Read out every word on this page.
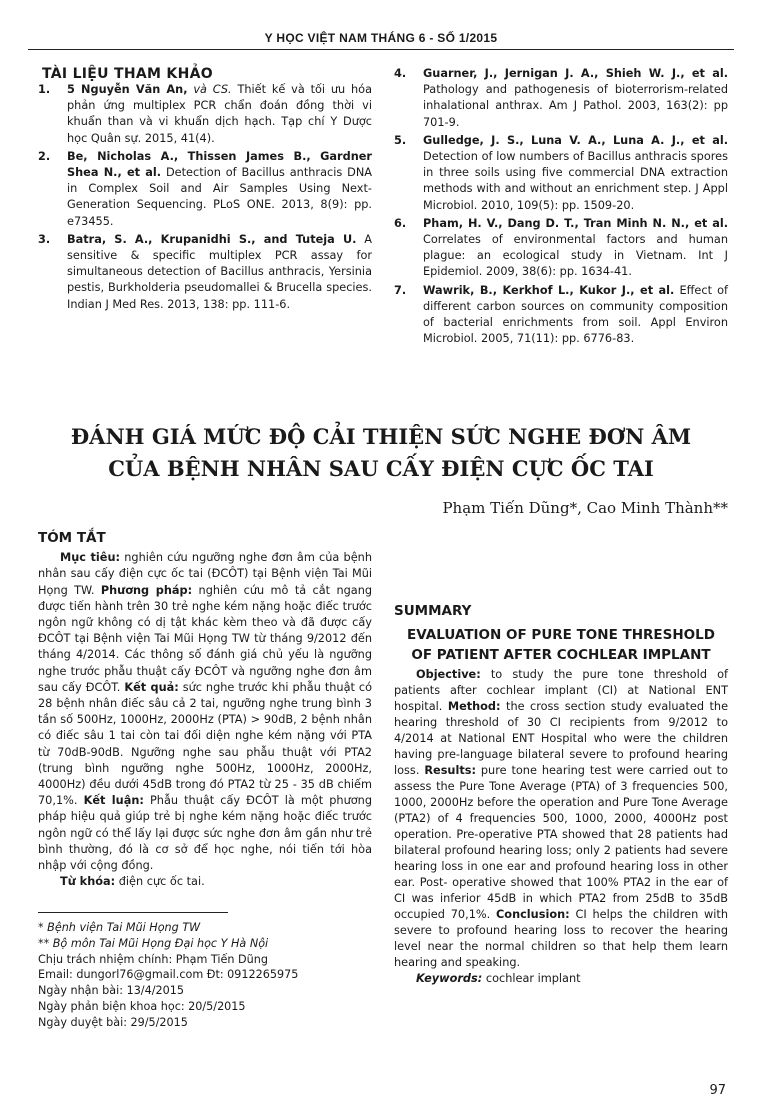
Y HỌC VIỆT NAM THÁNG 6 - SỐ 1/2015
TÀI LIỆU THAM KHẢO
1. 5 Nguyễn Văn An, và CS. Thiết kế và tối ưu hóa phản ứng multiplex PCR chẩn đoán đồng thời vi khuẩn than và vi khuẩn dịch hạch. Tạp chí Y Dược học Quân sự. 2015, 41(4).
2. Be, Nicholas A., Thissen James B., Gardner Shea N., et al. Detection of Bacillus anthracis DNA in Complex Soil and Air Samples Using Next-Generation Sequencing. PLoS ONE. 2013, 8(9): pp. e73455.
3. Batra, S. A., Krupanidhi S., and Tuteja U. A sensitive & specific multiplex PCR assay for simultaneous detection of Bacillus anthracis, Yersinia pestis, Burkholderia pseudomallei & Brucella species. Indian J Med Res. 2013, 138: pp. 111-6.
4. Guarner, J., Jernigan J. A., Shieh W. J., et al. Pathology and pathogenesis of bioterrorism-related inhalational anthrax. Am J Pathol. 2003, 163(2): pp 701-9.
5. Gulledge, J. S., Luna V. A., Luna A. J., et al. Detection of low numbers of Bacillus anthracis spores in three soils using five commercial DNA extraction methods with and without an enrichment step. J Appl Microbiol. 2010, 109(5): pp. 1509-20.
6. Pham, H. V., Dang D. T., Tran Minh N. N., et al. Correlates of environmental factors and human plague: an ecological study in Vietnam. Int J Epidemiol. 2009, 38(6): pp. 1634-41.
7. Wawrik, B., Kerkhof L., Kukor J., et al. Effect of different carbon sources on community composition of bacterial enrichments from soil. Appl Environ Microbiol. 2005, 71(11): pp. 6776-83.
ĐÁNH GIÁ MỨC ĐỘ CẢI THIỆN SỨC NGHE ĐƠN ÂM
CỦA BỆNH NHÂN SAU CẤY ĐIỆN CỰC ỐC TAI
Phạm Tiến Dũng*, Cao Minh Thành**
TÓM TẮT

Mục tiêu: nghiên cứu ngưỡng nghe đơn âm của bệnh nhân sau cấy điện cực ốc tai (ĐCÔT) tại Bệnh viện Tai Mũi Họng TW. Phương pháp: nghiên cứu mô tả cắt ngang được tiến hành trên 30 trẻ nghe kém nặng hoặc điếc trước ngôn ngữ không có dị tật khác kèm theo và đã được cấy ĐCÔT tại Bệnh viện Tai Mũi Họng TW từ tháng 9/2012 đến tháng 4/2014. Các thông số đánh giá chủ yếu là ngưỡng nghe trước phẫu thuật cấy ĐCÔT và ngưỡng nghe đơn âm sau cấy ĐCÔT. Kết quả: sức nghe trước khi phẫu thuật có 28 bệnh nhân điếc sâu cả 2 tai, ngưỡng nghe trung bình 3 tần số 500Hz, 1000Hz, 2000Hz (PTA) > 90dB, 2 bệnh nhân có điếc sâu 1 tai còn tai đối diện nghe kém nặng với PTA từ 70dB-90dB. Ngưỡng nghe sau phẫu thuật với PTA2 (trung bình ngưỡng nghe 500Hz, 1000Hz, 2000Hz, 4000Hz) đều dưới 45dB trong đó PTA2 từ 25 - 35 dB chiếm 70,1%. Kết luận: Phẫu thuật cấy ĐCÔT là một phương pháp hiệu quả giúp trẻ bị nghe kém nặng hoặc điếc trước ngôn ngữ có thể lấy lại được sức nghe đơn âm gần như trẻ bình thường, đó là cơ sở để học nghe, nói tiến tới hòa nhập với cộng đồng.

Từ khóa: điện cực ốc tai.

SUMMARY
EVALUATION OF PURE TONE THRESHOLD
OF PATIENT AFTER COCHLEAR IMPLANT

Objective: to study the pure tone threshold of patients after cochlear implant (CI) at National ENT hospital. Method: the cross section study evaluated the hearing threshold of 30 CI recipients from 9/2012 to 4/2014 at National ENT Hospital who were the children having pre-language bilateral severe to profound hearing loss. Results: pure tone hearing test were carried out to assess the Pure Tone Average (PTA) of 3 frequencies 500, 1000, 2000Hz before the operation and Pure Tone Average (PTA2) of 4 frequencies 500, 1000, 2000, 4000Hz post operation. Pre-operative PTA showed that 28 patients had bilateral profound hearing loss; only 2 patients had severe hearing loss in one ear and profound hearing loss in other ear. Post- operative showed that 100% PTA2 in the ear of CI was inferior 45dB in which PTA2 from 25dB to 35dB occupied 70,1%. Conclusion: CI helps the children with severe to profound hearing loss to recover the hearing level near the normal children so that help them learn hearing and speaking.

Keywords: cochlear implant

* Bệnh viện Tai Mũi Họng TW
** Bộ môn Tai Mũi Họng Đại học Y Hà Nội
Chịu trách nhiệm chính: Phạm Tiến Dũng
Email: dungorl76@gmail.com Đt: 0912265975
Ngày nhận bài: 13/4/2015
Ngày phản biện khoa học: 20/5/2015
Ngày duyệt bài: 29/5/2015
97
